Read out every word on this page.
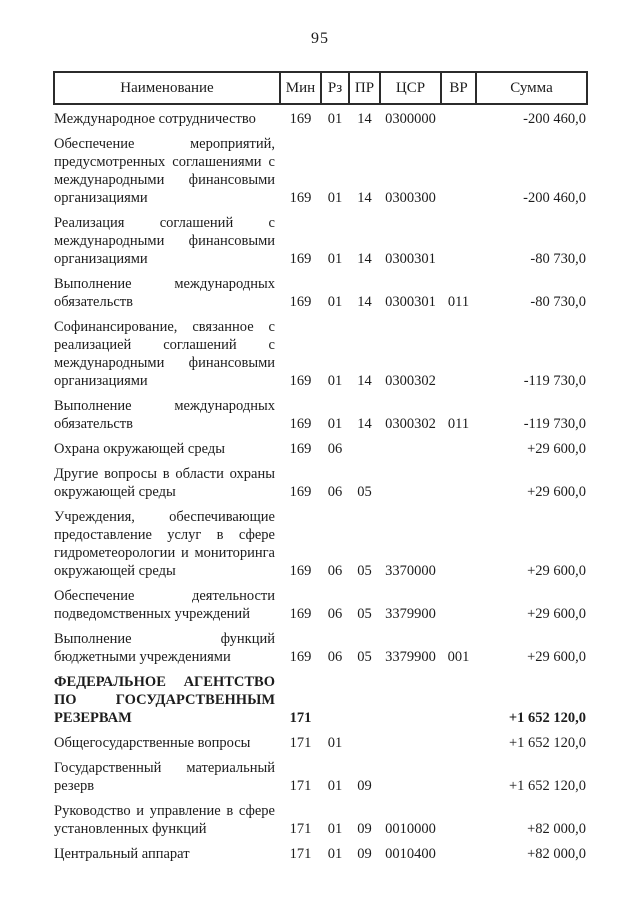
95
Наименование	Мин	Рз	ПР	ЦСР	ВР	Сумма
Международное сотрудничество	169	01	14	0300000		-200 460,0
Обеспечение мероприятий, предусмотренных соглашениями с международными финансовыми организациями	169	01	14	0300300		-200 460,0
Реализация соглашений с международными финансовыми организациями	169	01	14	0300301		-80 730,0
Выполнение международных обязательств	169	01	14	0300301	011	-80 730,0
Софинансирование, связанное с реализацией соглашений с международными финансовыми организациями	169	01	14	0300302		-119 730,0
Выполнение международных обязательств	169	01	14	0300302	011	-119 730,0
Охрана окружающей среды	169	06				+29 600,0
Другие вопросы в области охраны окружающей среды	169	06	05			+29 600,0
Учреждения, обеспечивающие предоставление услуг в сфере гидрометеорологии и мониторинга окружающей среды	169	06	05	3370000		+29 600,0
Обеспечение деятельности подведомственных учреждений	169	06	05	3379900		+29 600,0
Выполнение функций бюджетными учреждениями	169	06	05	3379900	001	+29 600,0
ФЕДЕРАЛЬНОЕ АГЕНТСТВО ПО ГОСУДАРСТВЕННЫМ РЕЗЕРВАМ	171					+1 652 120,0
Общегосударственные вопросы	171	01				+1 652 120,0
Государственный материальный резерв	171	01	09			+1 652 120,0
Руководство и управление в сфере установленных функций	171	01	09	0010000		+82 000,0
Центральный аппарат	171	01	09	0010400		+82 000,0
